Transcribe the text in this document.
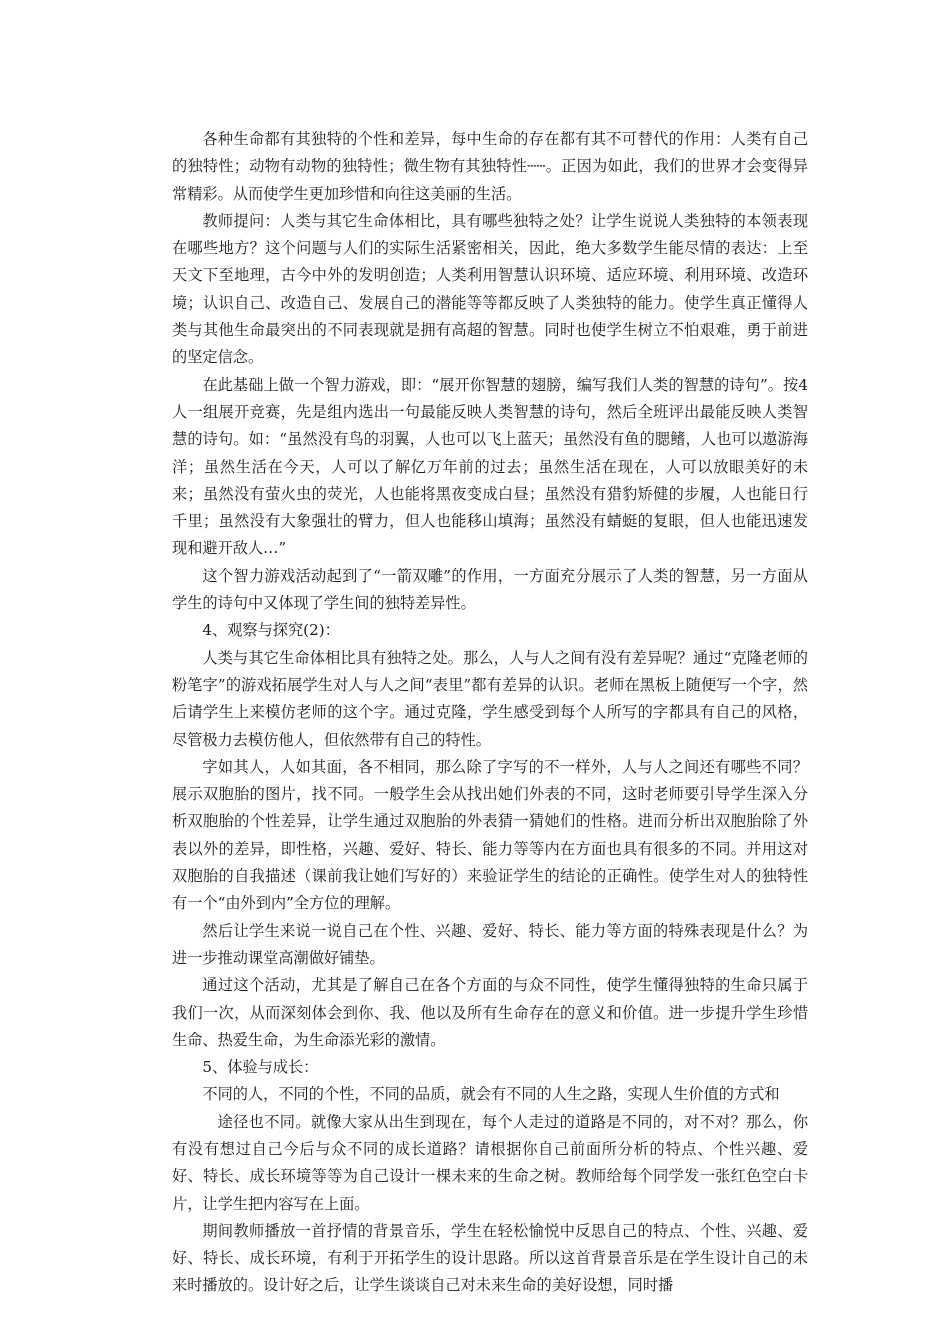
各种生命都有其独特的个性和差异，每中生命的存在都有其不可替代的作用：人类有自己的独特性；动物有动物的独特性；微生物有其独特性┄┄。正因为如此，我们的世界才会变得异常精彩。从而使学生更加珍惜和向往这美丽的生活。

教师提问：人类与其它生命体相比，具有哪些独特之处？让学生说说人类独特的本领表现在哪些地方？这个问题与人们的实际生活紧密相关，因此，绝大多数学生能尽情的表达：上至天文下至地理，古今中外的发明创造；人类利用智慧认识环境、适应环境、利用环境、改造环境；认识自己、改造自己、发展自己的潜能等等都反映了人类独特的能力。使学生真正懂得人类与其他生命最突出的不同表现就是拥有高超的智慧。同时也使学生树立不怕艰难，勇于前进的坚定信念。

在此基础上做一个智力游戏，即：“展开你智慧的翅膀，编写我们人类的智慧的诗句”。按4人一组展开竞赛，先是组内选出一句最能反映人类智慧的诗句，然后全班评出最能反映人类智慧的诗句。如：“虽然没有鸟的羽翼，人也可以飞上蓝天；虽然没有鱼的腮鳍，人也可以遨游海洋；虽然生活在今天，人可以了解亿万年前的过去；虽然生活在现在，人可以放眼美好的未来；虽然没有萤火虫的荧光，人也能将黑夜变成白昼；虽然没有猎豹矫健的步履，人也能日行千里；虽然没有大象强壮的臂力，但人也能移山填海；虽然没有蜻蜓的复眼，但人也能迅速发现和避开敌人…”

这个智力游戏活动起到了“一箭双雕”的作用，一方面充分展示了人类的智慧，另一方面从学生的诗句中又体现了学生间的独特差异性。

4、观察与探究(2)：

人类与其它生命体相比具有独特之处。那么，人与人之间有没有差异呢？通过“克隆老师的粉笔字”的游戏拓展学生对人与人之间“表里”都有差异的认识。老师在黑板上随便写一个字，然后请学生上来模仿老师的这个字。通过克隆，学生感受到每个人所写的字都具有自己的风格，尽管极力去模仿他人，但依然带有自己的特性。

字如其人，人如其面，各不相同，那么除了字写的不一样外，人与人之间还有哪些不同？展示双胞胎的图片，找不同。一般学生会从找出她们外表的不同，这时老师要引导学生深入分析双胞胎的个性差异，让学生通过双胞胎的外表猜一猜她们的性格。进而分析出双胞胎除了外表以外的差异，即性格，兴趣、爱好、特长、能力等等内在方面也具有很多的不同。并用这对双胞胎的自我描述（课前我让她们写好的）来验证学生的结论的正确性。使学生对人的独特性有一个“由外到内”全方位的理解。

然后让学生来说一说自己在个性、兴趣、爱好、特长、能力等方面的特殊表现是什么？为进一步推动课堂高潮做好铺垫。

通过这个活动，尤其是了解自己在各个方面的与众不同性，使学生懂得独特的生命只属于我们一次，从而深刻体会到你、我、他以及所有生命存在的意义和价值。进一步提升学生珍惜生命、热爱生命，为生命添光彩的激情。

5、体验与成长：

不同的人，不同的个性，不同的品质，就会有不同的人生之路，实现人生价值的方式和

途径也不同。就像大家从出生到现在，每个人走过的道路是不同的，对不对？那么，你有没有想过自己今后与众不同的成长道路？请根据你自己前面所分析的特点、个性兴趣、爱好、特长、成长环境等等为自己设计一棵未来的生命之树。教师给每个同学发一张红色空白卡片，让学生把内容写在上面。

期间教师播放一首抒情的背景音乐，学生在轻松愉悦中反思自己的特点、个性、兴趣、爱好、特长、成长环境，有利于开拓学生的设计思路。所以这首背景音乐是在学生设计自己的未来时播放的。设计好之后，让学生谈谈自己对未来生命的美好设想，同时播
